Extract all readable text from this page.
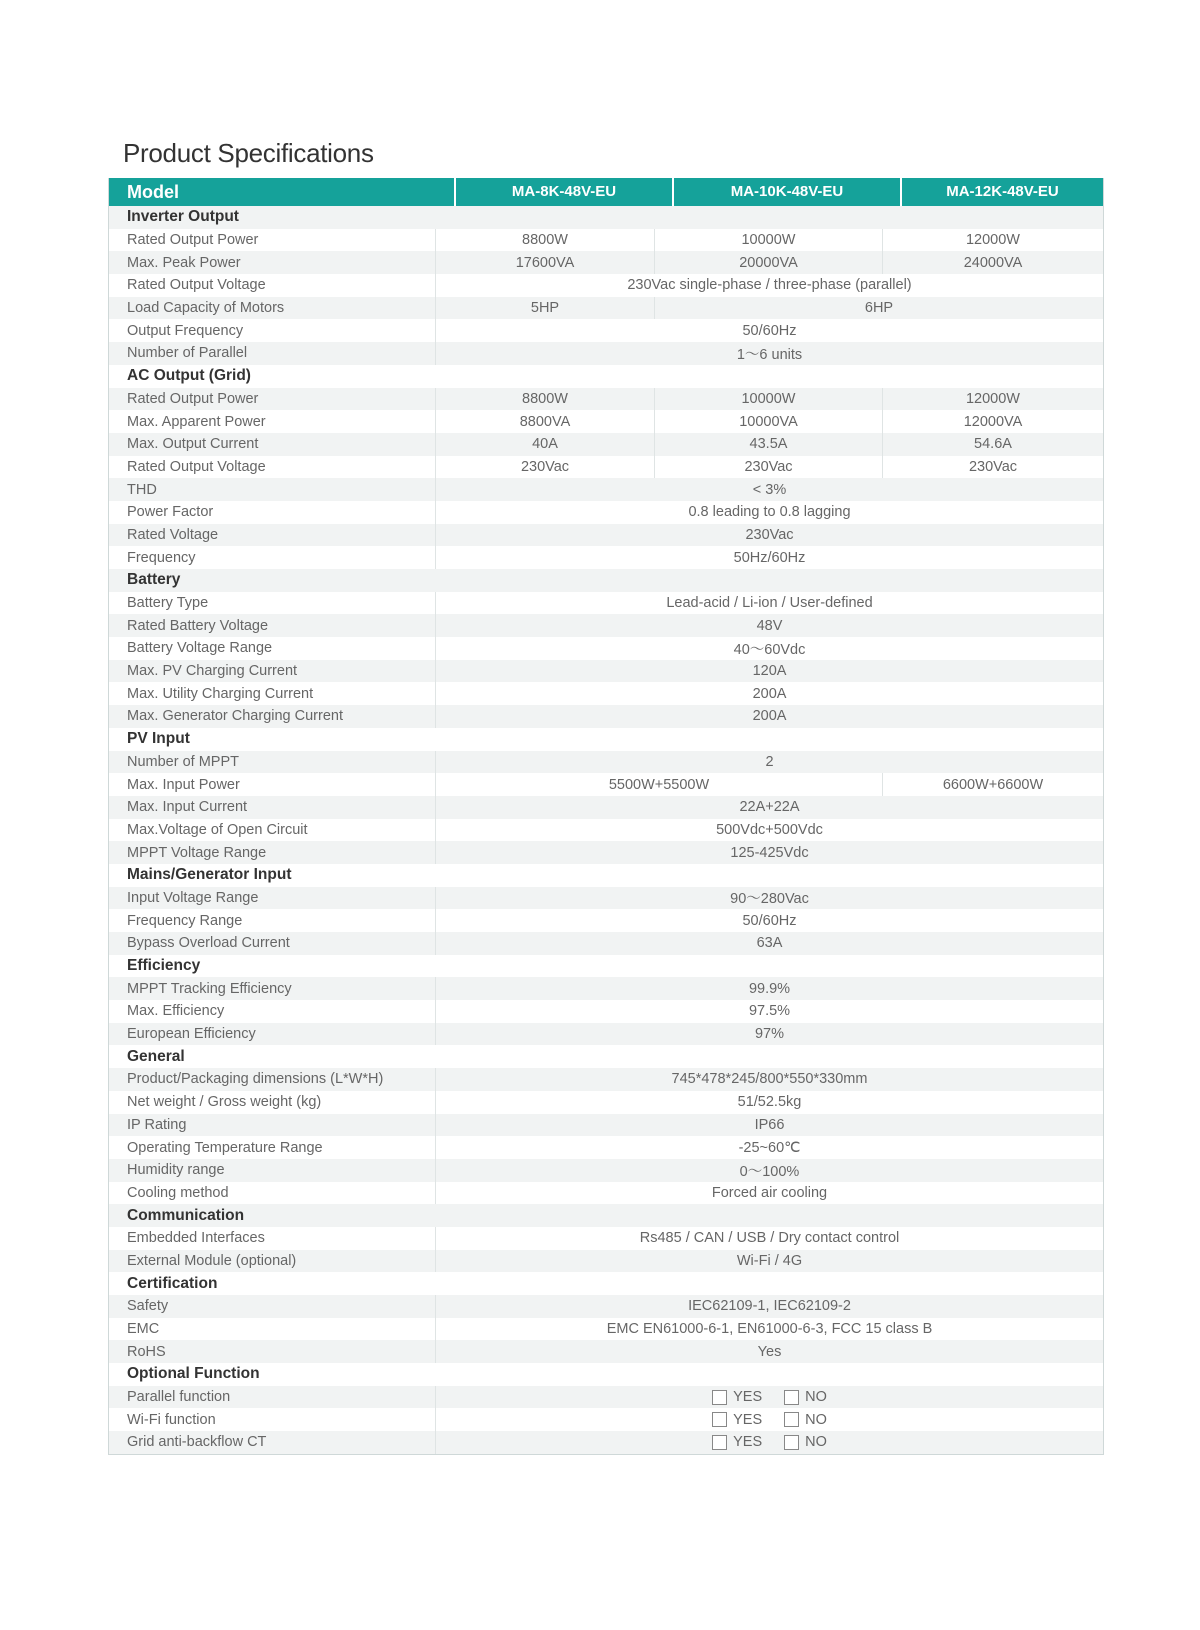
Product Specifications
Model	MA-8K-48V-EU	MA-10K-48V-EU	MA-12K-48V-EU
Inverter Output
Rated Output Power	8800W	10000W	12000W
Max. Peak Power	17600VA	20000VA	24000VA
Rated Output Voltage	230Vac single-phase / three-phase (parallel)
Load Capacity of Motors	5HP	6HP
Output Frequency	50/60Hz
Number of Parallel	1～6 units
AC Output (Grid)
Rated Output Power	8800W	10000W	12000W
Max. Apparent Power	8800VA	10000VA	12000VA
Max. Output Current	40A	43.5A	54.6A
Rated Output Voltage	230Vac	230Vac	230Vac
THD	< 3%
Power Factor	0.8 leading to 0.8 lagging
Rated Voltage	230Vac
Frequency	50Hz/60Hz
Battery
Battery Type	Lead-acid / Li-ion / User-defined
Rated Battery Voltage	48V
Battery Voltage Range	40～60Vdc
Max. PV Charging Current	120A
Max. Utility Charging Current	200A
Max. Generator Charging Current	200A
PV Input
Number of MPPT	2
Max. Input Power	5500W+5500W	6600W+6600W
Max. Input Current	22A+22A
Max.Voltage of Open Circuit	500Vdc+500Vdc
MPPT Voltage Range	125-425Vdc
Mains/Generator Input
Input Voltage Range	90～280Vac
Frequency Range	50/60Hz
Bypass Overload Current	63A
Efficiency
MPPT Tracking Efficiency	99.9%
Max. Efficiency	97.5%
European Efficiency	97%
General
Product/Packaging dimensions (L*W*H)	745*478*245/800*550*330mm
Net weight / Gross weight (kg)	51/52.5kg
IP Rating	IP66
Operating Temperature Range	-25~60℃
Humidity range	0～100%
Cooling method	Forced air cooling
Communication
Embedded Interfaces	Rs485 / CAN / USB / Dry contact control
External Module (optional)	Wi-Fi / 4G
Certification
Safety	IEC62109-1, IEC62109-2
EMC	EMC EN61000-6-1, EN61000-6-3, FCC 15 class B
RoHS	Yes
Optional Function
Parallel function	YES	NO
Wi-Fi function	YES	NO
Grid anti-backflow CT	YES	NO
